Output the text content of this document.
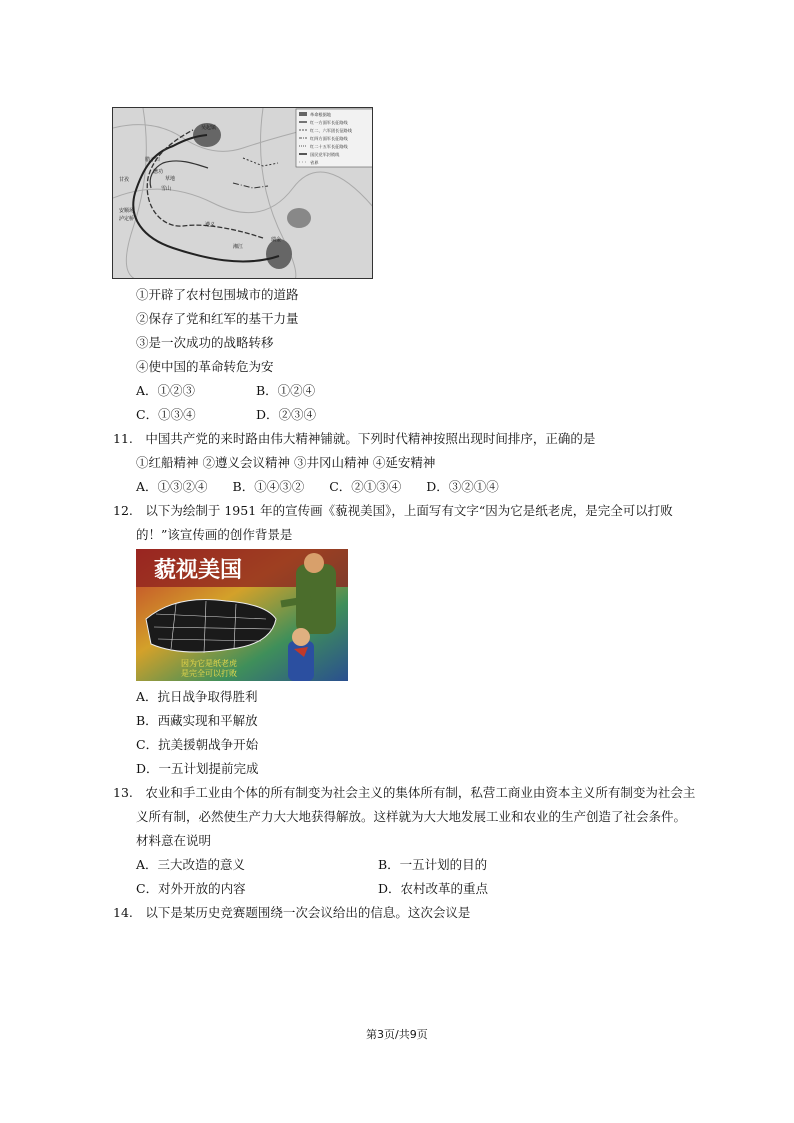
革命根据地
红一方面军长征路线
红二、六军团长征路线
红四方面军长征路线
红二十五军长征路线
国民党军封锁线
省界
吴起镇
腊子口
甘孜
懋功
雪山
草地
安顺场
泸定桥
遵义
瑞金
湘江
①开辟了农村包围城市的道路
②保存了党和红军的基干力量
③是一次成功的战略转移
④使中国的革命转危为安
A．①②③	B．①②④
C．①③④	D．②③④
11.　中国共产党的来时路由伟大精神铺就。下列时代精神按照出现时间排序，正确的是
①红船精神 ②遵义会议精神 ③井冈山精神 ④延安精神
A．①③②④　　B．①④③②　　C．②①③④　　D．③②①④
12.　以下为绘制于 1951 年的宣传画《藐视美国》，上面写有文字“因为它是纸老虎，是完全可以打败
的！”该宣传画的创作背景是
藐视美国
因为它是纸老虎
是完全可以打败
A．抗日战争取得胜利
B．西藏实现和平解放
C．抗美援朝战争开始
D．一五计划提前完成
13.　农业和手工业由个体的所有制变为社会主义的集体所有制，私营工商业由资本主义所有制变为社会主
义所有制，必然使生产力大大地获得解放。这样就为大大地发展工业和农业的生产创造了社会条件。
材料意在说明
A．三大改造的意义	B．一五计划的目的
C．对外开放的内容	D．农村改革的重点
14.　以下是某历史竞赛题围绕一次会议给出的信息。这次会议是
第3页/共9页
